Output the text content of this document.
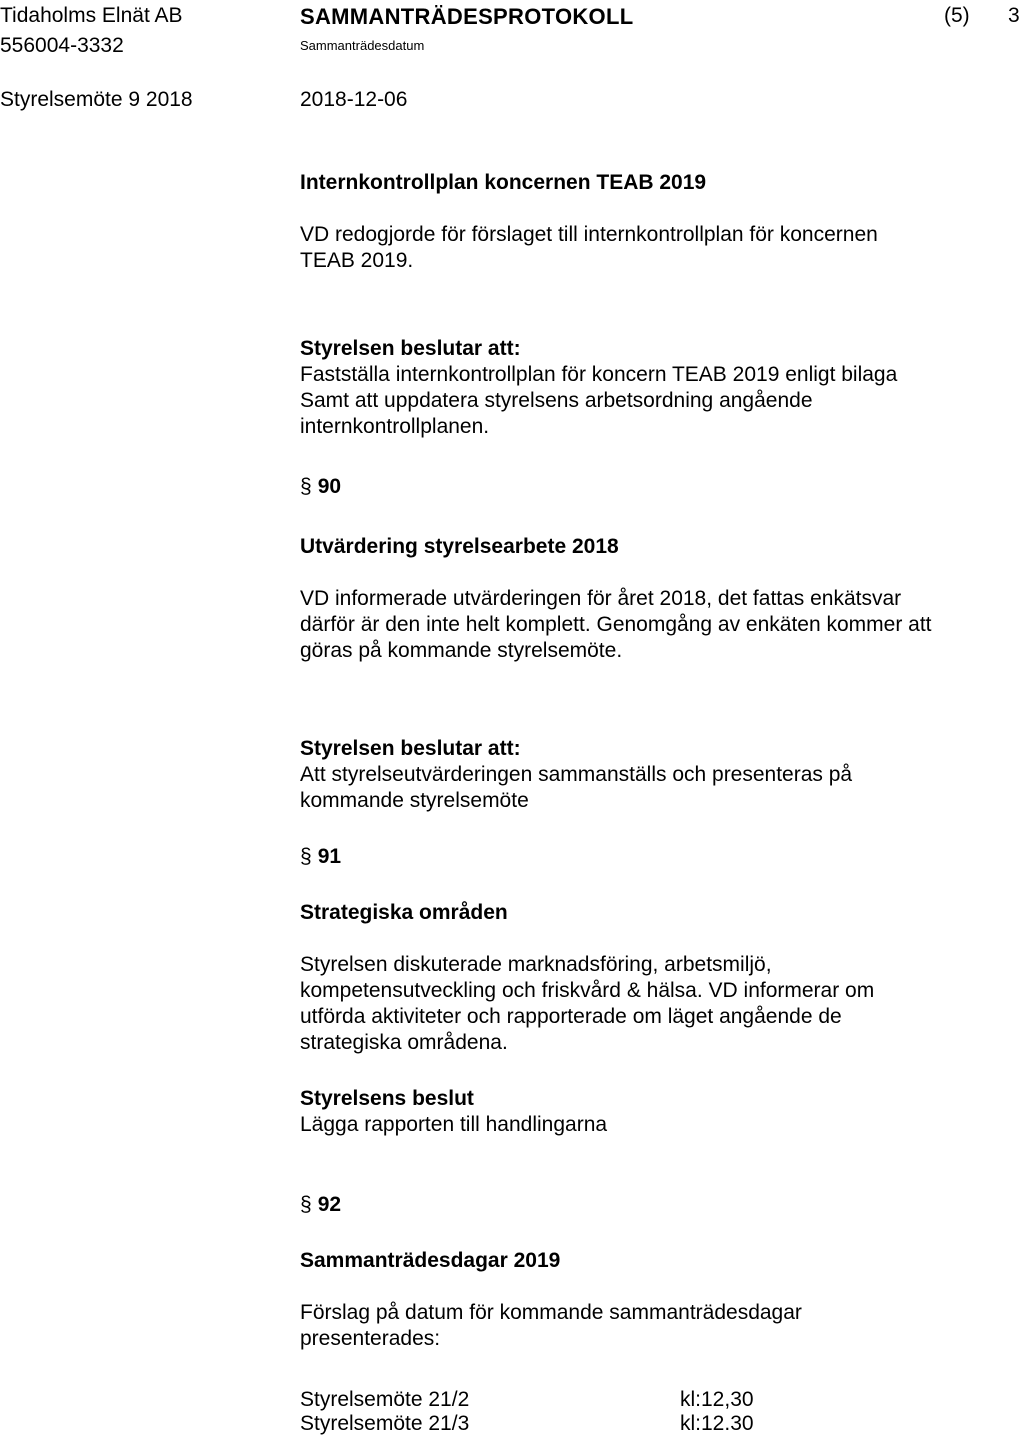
Tidaholms Elnät AB
556004-3332
Styrelsemöte 9 2018
SAMMANTRÄDESPROTOKOLL	(5) 3
Sammanträdesdatum
2018-12-06

Internkontrollplan koncernen TEAB 2019

VD redogjorde för förslaget till internkontrollplan för koncernen
TEAB 2019.

Styrelsen beslutar att:

Fastställa internkontrollplan för koncern TEAB 2019 enligt bilaga
Samt att uppdatera styrelsens arbetsordning angående
internkontrollplanen.

§ 90

Utvärdering styrelsearbete 2018

VD informerade utvärderingen för året 2018, det fattas enkätsvar
därför är den inte helt komplett. Genomgång av enkäten kommer att
göras på kommande styrelsemöte.

Styrelsen beslutar att:

Att styrelseutvärderingen sammanställs och presenteras på
kommande styrelsemöte

§ 91

Strategiska områden

Styrelsen diskuterade marknadsföring, arbetsmiljö,
kompetensutveckling och friskvård & hälsa. VD informerar om
utförda aktiviteter och rapporterade om läget angående de
strategiska områdena.

Styrelsens beslut

Lägga rapporten till handlingarna

§ 92

Sammanträdesdagar 2019

Förslag på datum för kommande sammanträdesdagar
presenterades:
Styrelsemöte 21/2	kl:12,30
Styrelsemöte 21/3	kl:12.30
